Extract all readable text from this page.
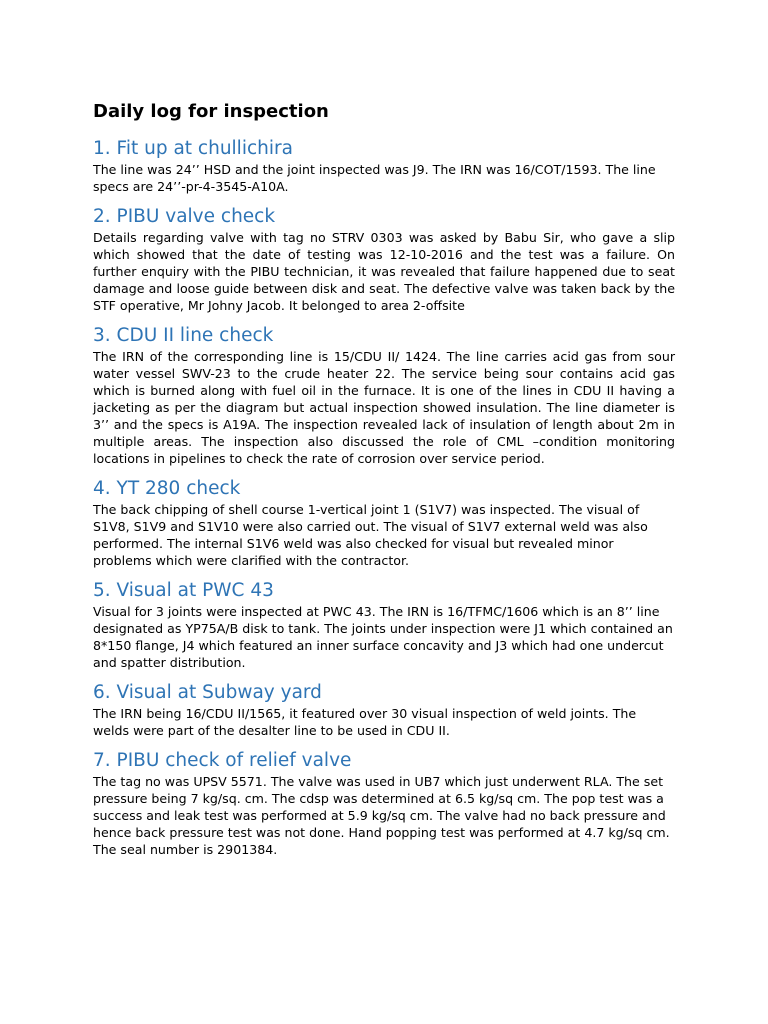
Daily log for inspection
1. Fit up at chullichira

The line was 24’’ HSD and the joint inspected was J9. The IRN was 16/COT/1593. The line specs are 24’’-pr-4-3545-A10A.

2. PIBU valve check

Details regarding valve with tag no STRV 0303 was asked by Babu Sir, who gave a slip which showed that the date of testing was 12-10-2016 and the test was a failure. On further enquiry with the PIBU technician, it was revealed that failure happened due to seat damage and loose guide between disk and seat. The defective valve was taken back by the STF operative, Mr Johny Jacob. It belonged to area 2-offsite

3. CDU II line check

The IRN of the corresponding line is 15/CDU II/ 1424. The line carries acid gas from sour water vessel SWV-23 to the crude heater 22. The service being sour contains acid gas which is burned along with fuel oil in the furnace. It is one of the lines in CDU II having a jacketing as per the diagram but actual inspection showed insulation. The line diameter is 3’’ and the specs is A19A. The inspection revealed lack of insulation of length about 2m in multiple areas. The inspection also discussed the role of CML –condition monitoring locations in pipelines to check the rate of corrosion over service period.

4. YT 280 check

The back chipping of shell course 1-vertical joint 1 (S1V7) was inspected. The visual of S1V8, S1V9 and S1V10 were also carried out. The visual of S1V7 external weld was also performed. The internal S1V6 weld was also checked for visual but revealed minor problems which were clarified with the contractor.

5. Visual at PWC 43

Visual for 3 joints were inspected at PWC 43. The IRN is 16/TFMC/1606 which is an 8’’ line designated as YP75A/B disk to tank. The joints under inspection were J1 which contained an 8*150 flange, J4 which featured an inner surface concavity and J3 which had one undercut and spatter distribution.

6. Visual at Subway yard

The IRN being 16/CDU II/1565, it featured over 30 visual inspection of weld joints. The welds were part of the desalter line to be used in CDU II.

7. PIBU check of relief valve

The tag no was UPSV 5571. The valve was used in UB7 which just underwent RLA. The set pressure being 7 kg/sq. cm. The cdsp was determined at 6.5 kg/sq cm. The pop test was a success and leak test was performed at 5.9 kg/sq cm. The valve had no back pressure and hence back pressure test was not done. Hand popping test was performed at 4.7 kg/sq cm. The seal number is 2901384.
